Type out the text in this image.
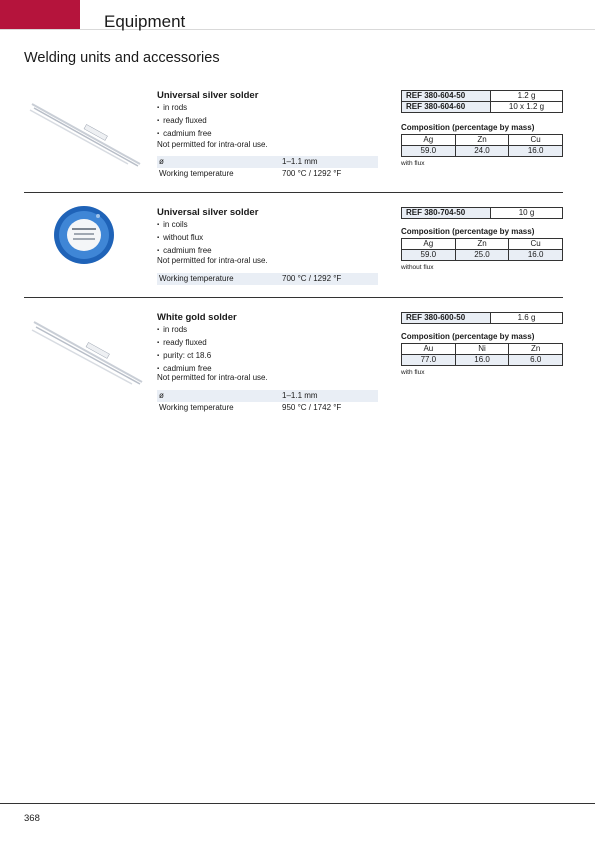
Equipment
Welding units and accessories
Universal silver solder
▪ in rods
▪ ready fluxed
▪ cadmium free
Not permitted for intra-oral use.
ø	1–1.1 mm
Working temperature	700 °C / 1292 °F
REF 380-604-50	1.2 g
REF 380-604-60	10 x 1.2 g
Composition (percentage by mass)
Ag	Zn	Cu
59.0	24.0	16.0
with flux
Universal silver solder
▪ in coils
▪ without flux
▪ cadmium free
Not permitted for intra-oral use.
Working temperature	700 °C / 1292 °F
REF 380-704-50	10 g
Composition (percentage by mass)
Ag	Zn	Cu
59.0	25.0	16.0
without flux
White gold solder
▪ in rods
▪ ready fluxed
▪ purity: ct 18.6
▪ cadmium free
Not permitted for intra-oral use.
ø	1–1.1 mm
Working temperature	950 °C / 1742 °F
REF 380-600-50	1.6 g
Composition (percentage by mass)
Au	Ni	Zn
77.0	16.0	6.0
with flux
368
